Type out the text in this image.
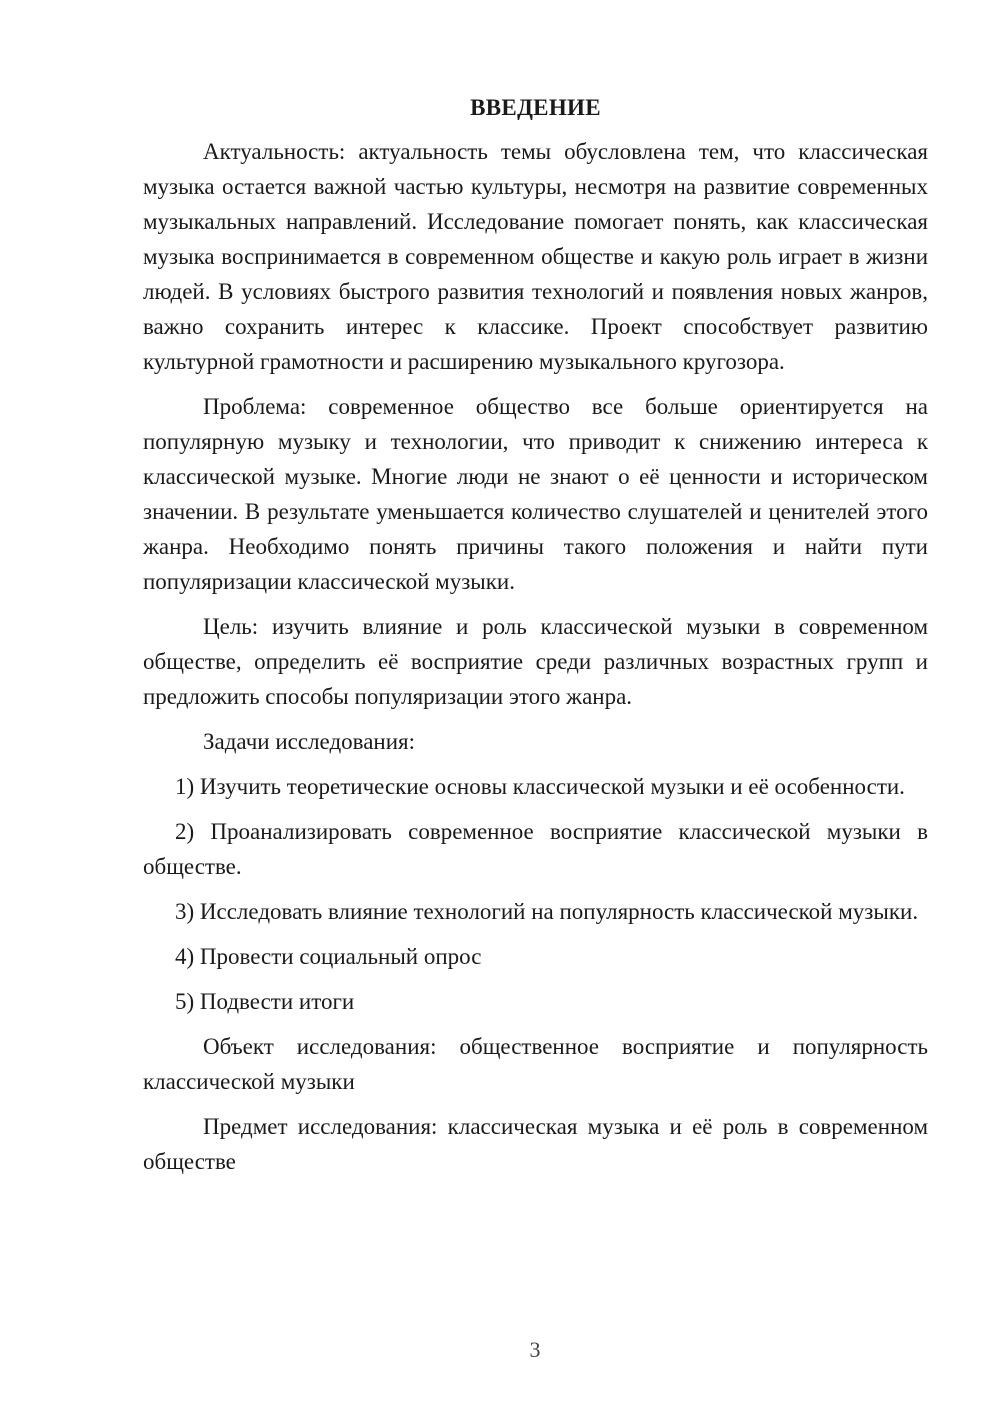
ВВЕДЕНИЕ

Актуальность: актуальность темы обусловлена тем, что классическая музыка остается важной частью культуры, несмотря на развитие современных музыкальных направлений. Исследование помогает понять, как классическая музыка воспринимается в современном обществе и какую роль играет в жизни людей. В условиях быстрого развития технологий и появления новых жанров, важно сохранить интерес к классике. Проект способствует развитию культурной грамотности и расширению музыкального кругозора.

Проблема: современное общество все больше ориентируется на популярную музыку и технологии, что приводит к снижению интереса к классической музыке. Многие люди не знают о её ценности и историческом значении. В результате уменьшается количество слушателей и ценителей этого жанра. Необходимо понять причины такого положения и найти пути популяризации классической музыки.

Цель: изучить влияние и роль классической музыки в современном обществе, определить её восприятие среди различных возрастных групп и предложить способы популяризации этого жанра.

Задачи исследования:

1) Изучить теоретические основы классической музыки и её особенности.

2) Проанализировать современное восприятие классической музыки в обществе.

3) Исследовать влияние технологий на популярность классической музыки.

4) Провести социальный опрос

5) Подвести итоги

Объект исследования: общественное восприятие и популярность классической музыки

Предмет исследования: классическая музыка и её роль в современном обществе

3
